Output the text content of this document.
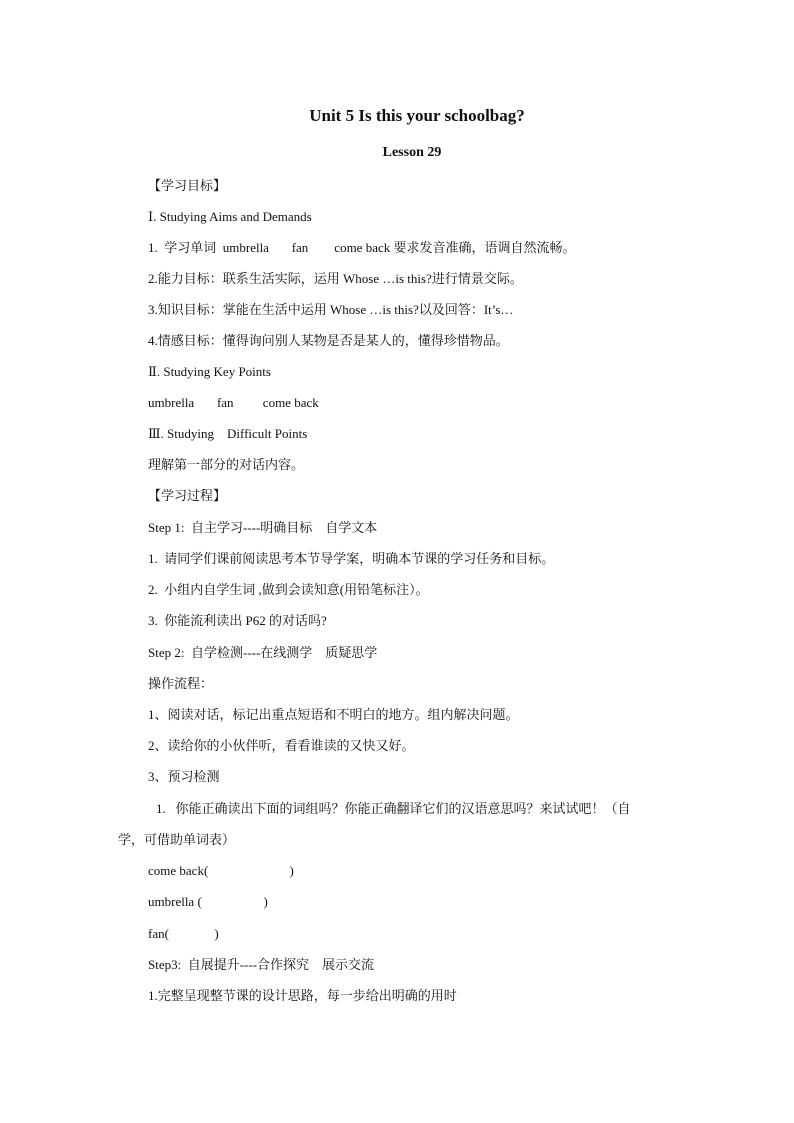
Unit 5 Is this your schoolbag?
Lesson 29
【学习目标】
Ⅰ. Studying Aims and Demands
1.  学习单词  umbrella       fan        come back 要求发音准确，语调自然流畅。
2.能力目标：联系生活实际，运用 Whose …is this?进行情景交际。
3.知识目标：掌能在生活中运用 Whose …is this?以及回答：It’s…
4.情感目标：懂得询问别人某物是否是某人的，懂得珍惜物品。
Ⅱ. Studying Key Points
umbrella       fan         come back
Ⅲ. Studying    Difficult Points
理解第一部分的对话内容。
【学习过程】
Step 1:  自主学习----明确目标    自学文本
1.  请同学们课前阅读思考本节导学案，明确本节课的学习任务和目标。
2.  小组内自学生词 ,做到会读知意(用铅笔标注）。
3.  你能流利读出 P62 的对话吗?
Step 2:  自学检测----在线测学    质疑思学
操作流程：
1、阅读对话，标记出重点短语和不明白的地方。组内解决问题。
2、读给你的小伙伴听，看看谁读的又快又好。
3、预习检测
1.   你能正确读出下面的词组吗？你能正确翻译它们的汉语意思吗？来试试吧！（自
学，可借助单词表）
come back(                         )
umbrella (                   )
fan(              )
Step3:  自展提升----合作探究    展示交流
1.完整呈现整节课的设计思路，每一步给出明确的用时
